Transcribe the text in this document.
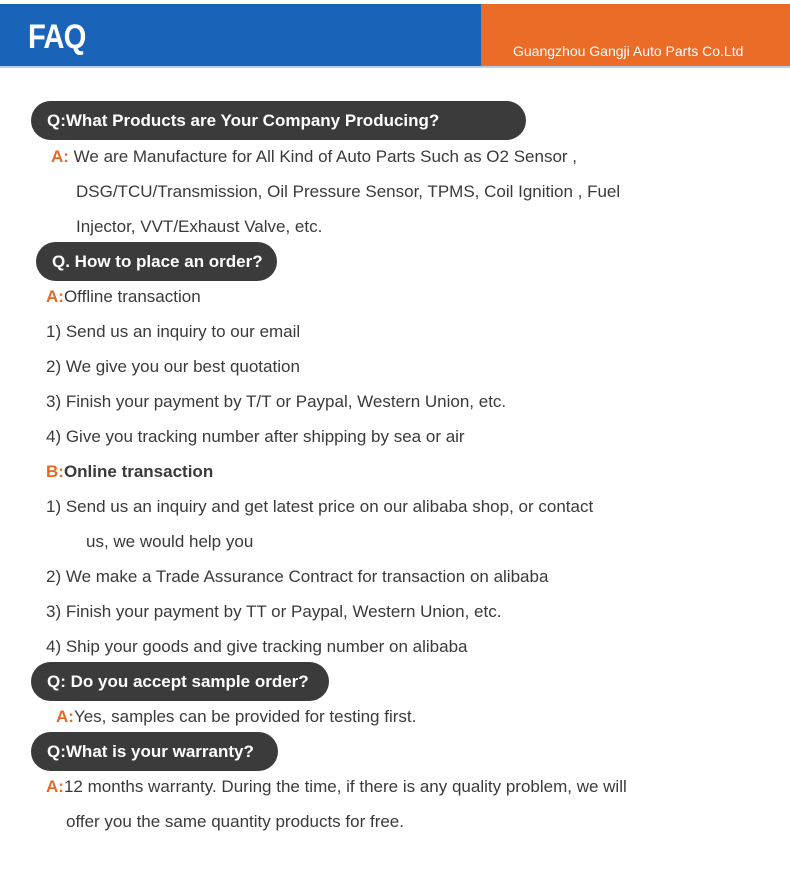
FAQ	Guangzhou Gangji Auto Parts Co.Ltd
Q:What Products are Your Company Producing?
A: We are Manufacture for All Kind of Auto Parts Such as O2 Sensor ,
DSG/TCU/Transmission, Oil Pressure Sensor, TPMS, Coil Ignition , Fuel
Injector, VVT/Exhaust Valve, etc.
Q. How to place an order?
A:Offline transaction
1) Send us an inquiry to our email
2) We give you our best quotation
3) Finish your payment by T/T or Paypal, Western Union, etc.
4) Give you tracking number after shipping by sea or air
B:Online transaction
1) Send us an inquiry and get latest price on our alibaba shop, or contact
us, we would help you
2) We make a Trade Assurance Contract for transaction on alibaba
3) Finish your payment by TT or Paypal, Western Union, etc.
4) Ship your goods and give tracking number on alibaba
Q: Do you accept sample order?
A:Yes, samples can be provided for testing first.
Q:What is your warranty?
A:12 months warranty. During the time, if there is any quality problem, we will
offer you the same quantity products for free.
